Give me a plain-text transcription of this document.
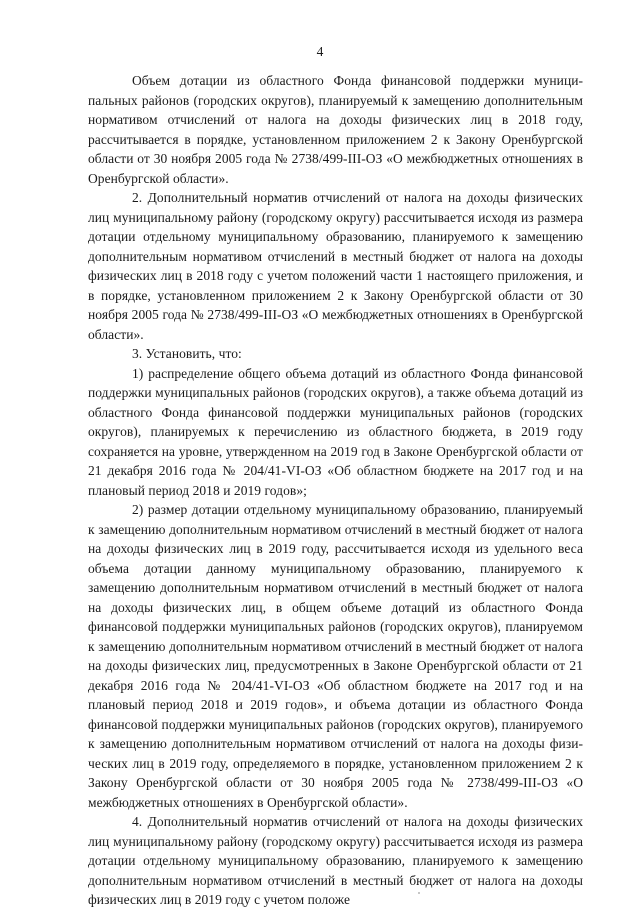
4

Объем дотации из областного Фонда финансовой поддержки муниципальных районов (городских округов), планируемый к замещению дополнительным нормативом отчислений от налога на доходы физических лиц в 2018 году, рассчитывается в порядке, установленном приложением 2 к Закону Оренбургской области от 30 ноября 2005 года № 2738/499-III-ОЗ «О межбюджетных отношениях в Оренбургской области».

2. Дополнительный норматив отчислений от налога на доходы физических лиц муниципальному району (городскому округу) рассчитывается исходя из размера дотации отдельному муниципальному образованию, планируемого к замещению дополнительным нормативом отчислений в местный бюджет от налога на доходы физических лиц в 2018 году с учетом положений части 1 настоящего приложения, и в порядке, установленном приложением 2 к Закону Оренбургской области от 30 ноября 2005 года № 2738/499-III-ОЗ «О межбюджетных отношениях в Оренбургской области».

3. Установить, что:

1) распределение общего объема дотаций из областного Фонда финансовой поддержки муниципальных районов (городских округов), а также объема дотаций из областного Фонда финансовой поддержки муниципальных районов (городских округов), планируемых к перечислению из областного бюджета, в 2019 году сохраняется на уровне, утвержденном на 2019 год в Законе Оренбургской области от 21 декабря 2016 года № 204/41-VI-ОЗ «Об областном бюджете на 2017 год и на плановый период 2018 и 2019 годов»;

2) размер дотации отдельному муниципальному образованию, планируемый к замещению дополнительным нормативом отчислений в местный бюджет от налога на доходы физических лиц в 2019 году, рассчитывается исходя из удельного веса объема дотации данному муниципальному образованию, планируемого к замещению дополнительным нормативом отчислений в местный бюджет от налога на доходы физических лиц, в общем объеме дотаций из областного Фонда финансовой поддержки муниципальных районов (городских округов), планируемом к замещению дополнительным нормативом отчислений в местный бюджет от налога на доходы физических лиц, предусмотренных в Законе Оренбургской области от 21 декабря 2016 года № 204/41-VI-ОЗ «Об областном бюджете на 2017 год и на плановый период 2018 и 2019 годов», и объема дотации из областного Фонда финансовой поддержки муниципальных районов (городских округов), планируемого к замещению дополнительным нормативом отчислений от налога на доходы физических лиц в 2019 году, определяемого в порядке, установленном приложением 2 к Закону Оренбургской области от 30 ноября 2005 года № 2738/499-III-ОЗ «О межбюджетных отношениях в Оренбургской области».

4. Дополнительный норматив отчислений от налога на доходы физических лиц муниципальному району (городскому округу) рассчитывается исходя из размера дотации отдельному муниципальному образованию, планируемого к замещению дополнительным нормативом отчислений в местный бюджет от налога на доходы физических лиц в 2019 году с учетом положе
